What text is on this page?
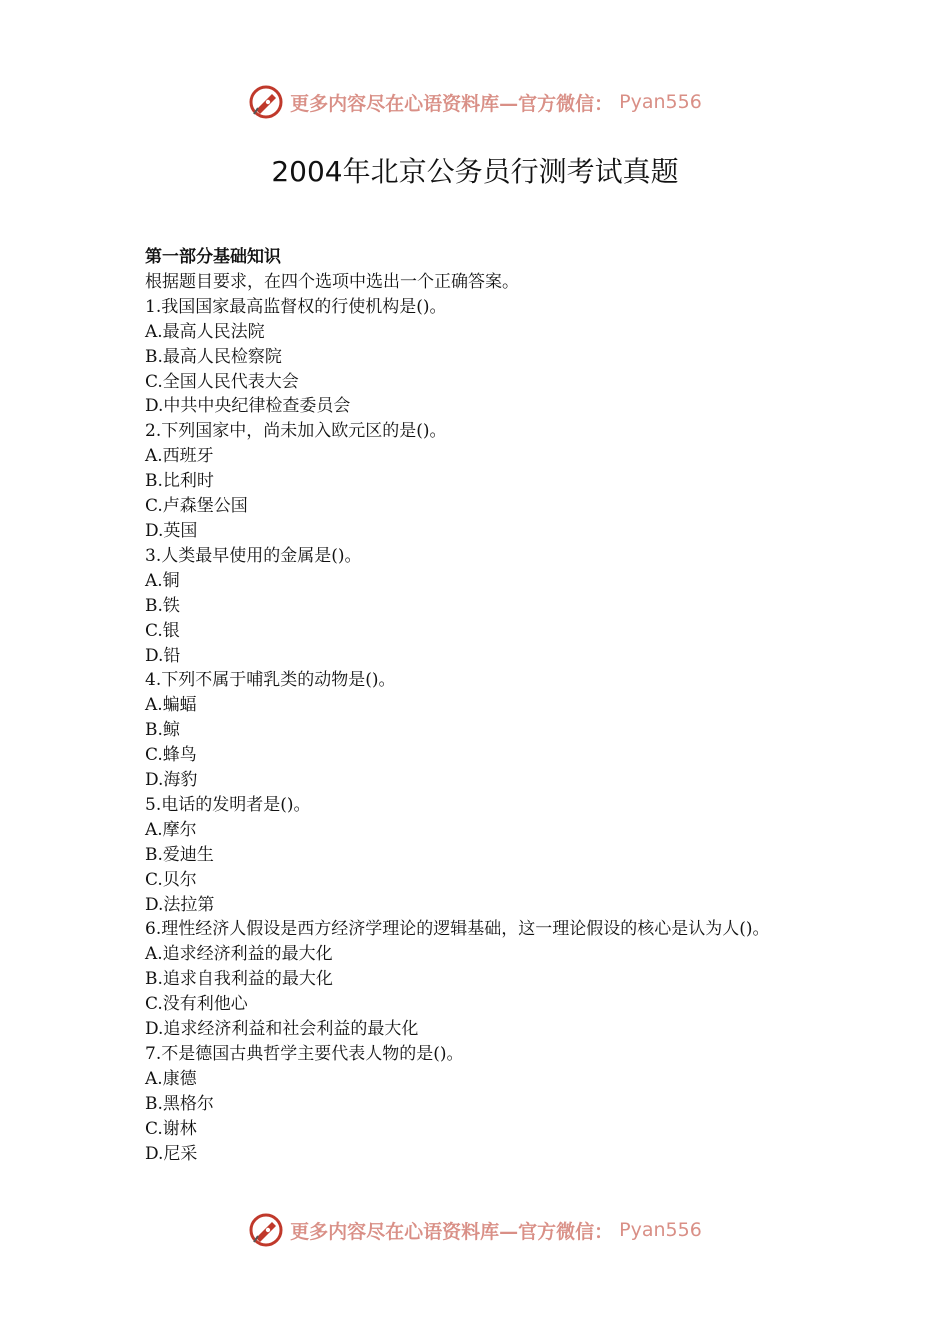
更多内容尽在心语资料库—官方微信： Pyan556
2004年北京公务员行测考试真题

第一部分基础知识

根据题目要求，在四个选项中选出一个正确答案。

1.我国国家最高监督权的行使机构是()。

A.最高人民法院

B.最高人民检察院

C.全国人民代表大会

D.中共中央纪律检查委员会

2.下列国家中，尚未加入欧元区的是()。

A.西班牙

B.比利时

C.卢森堡公国

D.英国

3.人类最早使用的金属是()。

A.铜

B.铁

C.银

D.铅

4.下列不属于哺乳类的动物是()。

A.蝙蝠

B.鲸

C.蜂鸟

D.海豹

5.电话的发明者是()。

A.摩尔

B.爱迪生

C.贝尔

D.法拉第

6.理性经济人假设是西方经济学理论的逻辑基础，这一理论假设的核心是认为人()。

A.追求经济利益的最大化

B.追求自我利益的最大化

C.没有利他心

D.追求经济利益和社会利益的最大化

7.不是德国古典哲学主要代表人物的是()。

A.康德

B.黑格尔

C.谢林

D.尼采

更多内容尽在心语资料库—官方微信： Pyan556
